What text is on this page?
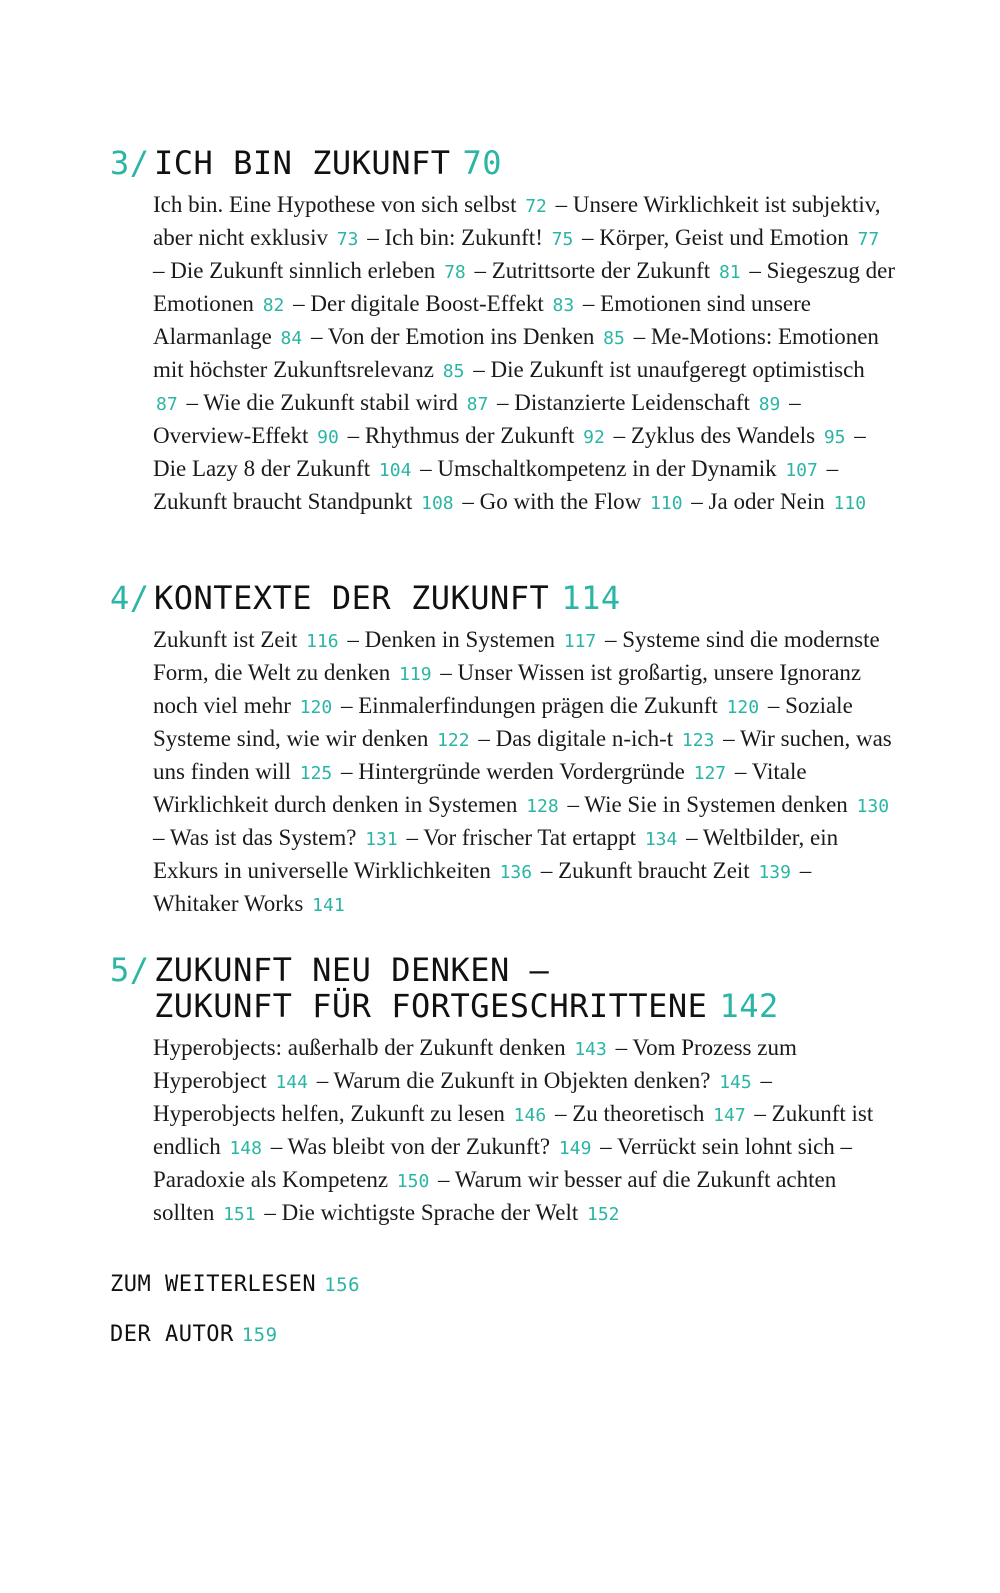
3/ ICH BIN ZUKUNFT 70
Ich bin. Eine Hypothese von sich selbst 72 – Unsere Wirklichkeit ist subjektiv, aber nicht exklusiv 73 – Ich bin: Zukunft! 75 – Körper, Geist und Emotion 77 – Die Zukunft sinnlich erleben 78 – Zutrittsorte der Zukunft 81 – Siegeszug der Emotionen 82 – Der digitale Boost-Effekt 83 – Emotionen sind unsere Alarmanlage 84 – Von der Emotion ins Denken 85 – Me-Motions: Emotionen mit höchster Zukunftsrelevanz 85 – Die Zukunft ist unaufgeregt optimistisch 87 – Wie die Zukunft stabil wird 87 – Distanzierte Leidenschaft 89 – Overview-Effekt 90 – Rhythmus der Zukunft 92 – Zyklus des Wandels 95 – Die Lazy 8 der Zukunft 104 – Umschaltkompetenz in der Dynamik 107 – Zukunft braucht Standpunkt 108 – Go with the Flow 110 – Ja oder Nein 110
4/ KONTEXTE DER ZUKUNFT 114
Zukunft ist Zeit 116 – Denken in Systemen 117 – Systeme sind die modernste Form, die Welt zu denken 119 – Unser Wissen ist großartig, unsere Ignoranz noch viel mehr 120 – Einmalerfindungen prägen die Zukunft 120 – Soziale Systeme sind, wie wir denken 122 – Das digitale n-ich-t 123 – Wir suchen, was uns finden will 125 – Hintergründe werden Vordergründe 127 – Vitale Wirklichkeit durch denken in Systemen 128 – Wie Sie in Systemen denken 130 – Was ist das System? 131 – Vor frischer Tat ertappt 134 – Weltbilder, ein Exkurs in universelle Wirklichkeiten 136 – Zukunft braucht Zeit 139 – Whitaker Works 141
5/ ZUKUNFT NEU DENKEN –
ZUKUNFT FÜR FORTGESCHRITTENE 142
Hyperobjects: außerhalb der Zukunft denken 143 – Vom Prozess zum Hyperobject 144 – Warum die Zukunft in Objekten denken? 145 – Hyperobjects helfen, Zukunft zu lesen 146 – Zu theoretisch 147 – Zukunft ist endlich 148 – Was bleibt von der Zukunft? 149 – Verrückt sein lohnt sich – Paradoxie als Kompetenz 150 – Warum wir besser auf die Zukunft achten sollten 151 – Die wichtigste Sprache der Welt 152
ZUM WEITERLESEN 156
DER AUTOR 159
